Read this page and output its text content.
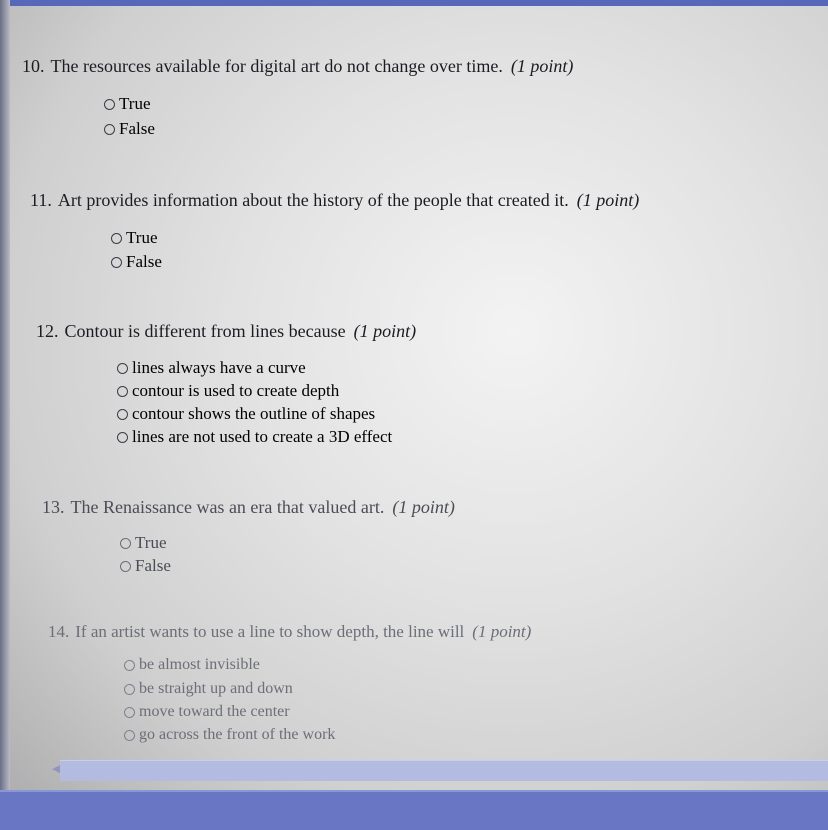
10. The resources available for digital art do not change over time. (1 point)
True
False
11. Art provides information about the history of the people that created it. (1 point)
True
False
12. Contour is different from lines because (1 point)
lines always have a curve
contour is used to create depth
contour shows the outline of shapes
lines are not used to create a 3D effect
13. The Renaissance was an era that valued art. (1 point)
True
False
14. If an artist wants to use a line to show depth, the line will (1 point)
be almost invisible
be straight up and down
move toward the center
go across the front of the work
◀
